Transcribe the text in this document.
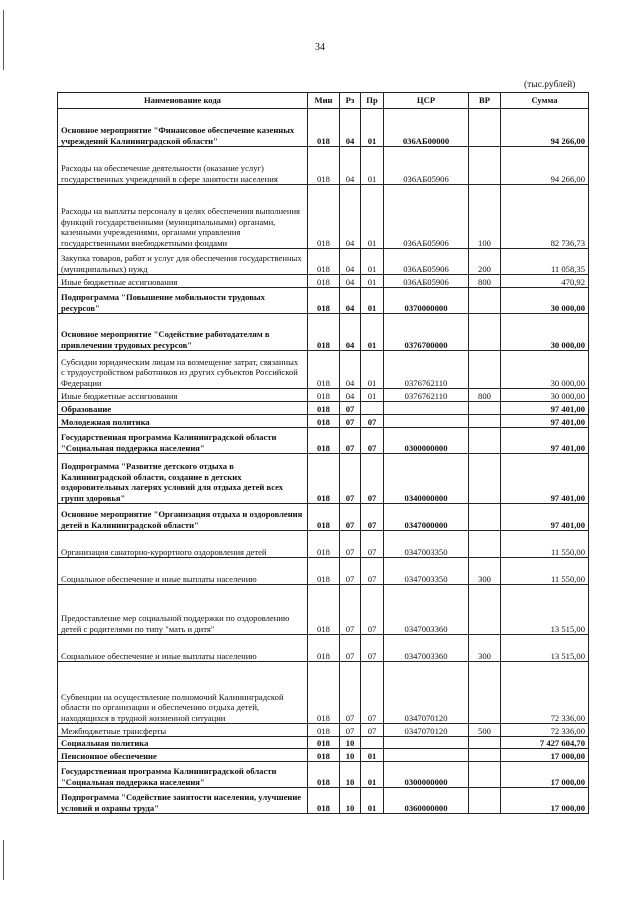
34
(тыс.рублей)
Наименование кода	Мин	Рз	Пр	ЦСР	ВР	Сумма
Основное мероприятие "Финансовое обеспечение казенных учреждений Калининградской области"	018	04	01	036АБ00000		94 266,00
Расходы на обеспечение деятельности (оказание услуг) государственных учреждений в сфере занятости населения	018	04	01	036АБ05906		94 266,00
Расходы на выплаты персоналу в целях обеспечения выполнения функций государственными (муниципальными) органами, казенными учреждениями, органами управления государственными внебюджетными фондами	018	04	01	036АБ05906	100	82 736,73
Закупка товаров, работ и услуг для обеспечения государственных (муниципальных) нужд	018	04	01	036АБ05906	200	11 058,35
Иные бюджетные ассигнования	018	04	01	036АБ05906	800	470,92
Подпрограмма "Повышение мобильности трудовых ресурсов"	018	04	01	0370000000		30 000,00
Основное мероприятие "Содействие работодателям в привлечении трудовых ресурсов"	018	04	01	0376700000		30 000,00
Субсидии юридическим лицам на возмещение затрат, связанных с трудоустройством работников из других субъектов Российской Федерации	018	04	01	0376762110		30 000,00
Иные бюджетные ассигнования	018	04	01	0376762110	800	30 000,00
Образование	018	07				97 401,00
Молодежная политика	018	07	07			97 401,00
Государственная программа Калининградской области "Социальная поддержка населения"	018	07	07	0300000000		97 401,00
Подпрограмма "Развитие детского отдыха в Калининградской области, создание в детских оздоровительных лагерях условий для отдыха детей всех групп здоровья"	018	07	07	0340000000		97 401,00
Основное мероприятие "Организация отдыха и оздоровления детей в Калининградской области"	018	07	07	0347000000		97 401,00
Организация санаторно-курортного оздоровления детей	018	07	07	0347003350		11 550,00
Социальное обеспечение и иные выплаты населению	018	07	07	0347003350	300	11 550,00
Предоставление мер социальной поддержки по оздоровлению детей с родителями по типу "мать и дитя"	018	07	07	0347003360		13 515,00
Социальное обеспечение и иные выплаты населению	018	07	07	0347003360	300	13 515,00
Субвенции на осуществление полномочий Калининградской области по организации и обеспечению отдыха детей, находящихся в трудной жизненной ситуации	018	07	07	0347070120		72 336,00
Межбюджетные трансферты	018	07	07	0347070120	500	72 336,00
Социальная политика	018	10				7 427 604,70
Пенсионное обеспечение	018	10	01			17 000,00
Государственная программа Калининградской области "Социальная поддержка населения"	018	10	01	0300000000		17 000,00
Подпрограмма "Содействие занятости населения, улучшение условий и охраны труда"	018	10	01	0360000000		17 000,00
